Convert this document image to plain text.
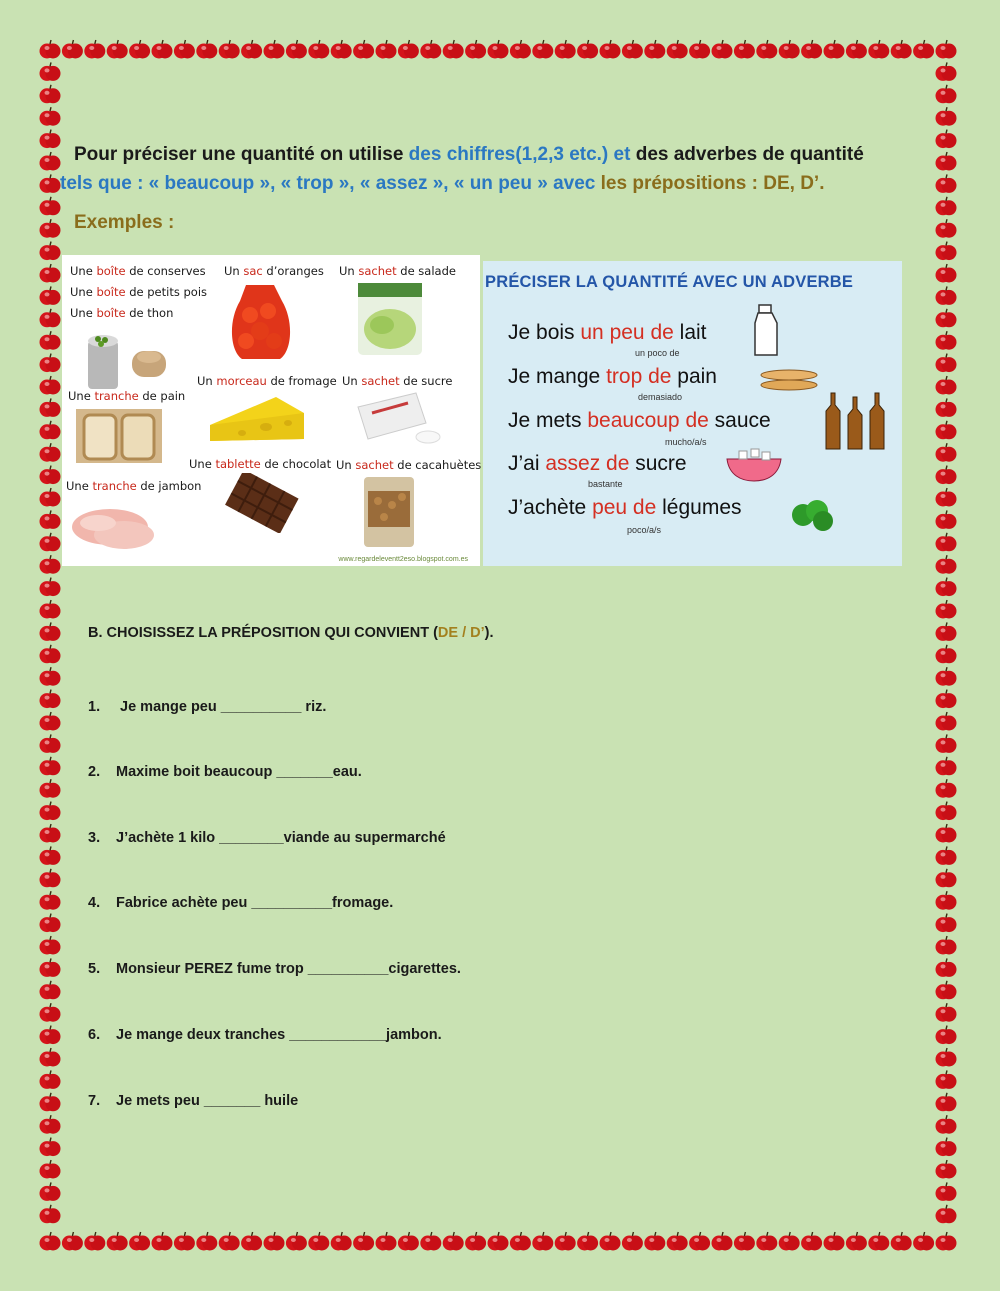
Pour préciser une quantité on utilise des chiffres(1,2,3 etc.) et des adverbes de quantité
tels que : « beaucoup », « trop », « assez », « un peu » avec les prépositions : DE, D’.
Exemples :
Une boîte de conserves
Une boîte de petits pois
Une boîte de thon
Un sac d’oranges Un sachet de salade
Une tranche de pain
Un morceau de fromage Un sachet de sucre
Une tablette de chocolat Un sachet de cacahuètes
Une tranche de jambon
www.regardeleventt2eso.blogspot.com.es
PRÉCISER LA QUANTITÉ AVEC UN ADVERBE
Je bois un peu de lait
un poco de
Je mange trop de pain
demasiado
Je mets beaucoup de sauce
mucho/a/s
J’ai assez de sucre
bastante
J’achète peu de légumes
poco/a/s
B. CHOISISSEZ LA PRÉPOSITION QUI CONVIENT (DE / D’).
1. Je mange peu __________ riz.
2. Maxime boit beaucoup _______eau.
3. J’achète 1 kilo ________viande au supermarché
4. Fabrice achète peu __________fromage.
5. Monsieur PEREZ fume trop __________cigarettes.
6. Je mange deux tranches ____________jambon.
7. Je mets peu _______ huile
